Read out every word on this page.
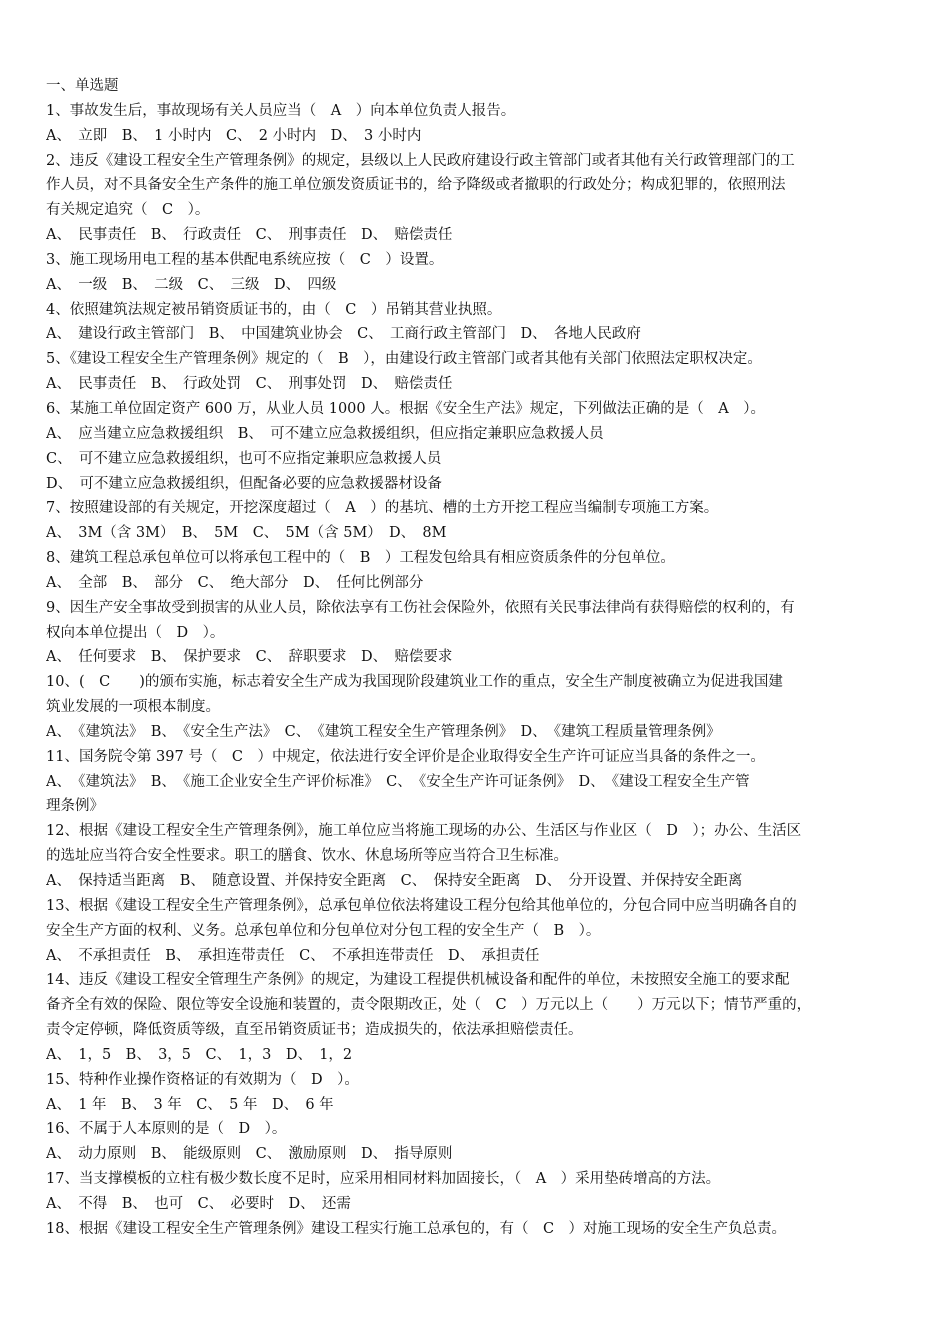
一、单选题
1、事故发生后，事故现场有关人员应当（　A　）向本单位负责人报告。
A、　立即　B、　1 小时内　C、　2 小时内　D、　3 小时内
2、违反《建设工程安全生产管理条例》的规定，县级以上人民政府建设行政主管部门或者其他有关行政管理部门的工
作人员，对不具备安全生产条件的施工单位颁发资质证书的，给予降级或者撤职的行政处分；构成犯罪的，依照刑法
有关规定追究（　C　）。
A、　民事责任　B、　行政责任　C、　刑事责任　D、　赔偿责任
3、施工现场用电工程的基本供配电系统应按（　C　）设置。
A、　一级　B、　二级　C、　三级　D、　四级
4、依照建筑法规定被吊销资质证书的，由（　C　）吊销其营业执照。
A、　建设行政主管部门　B、　中国建筑业协会　C、　工商行政主管部门　D、　各地人民政府
5、《建设工程安全生产管理条例》规定的（　B　），由建设行政主管部门或者其他有关部门依照法定职权决定。
A、　民事责任　B、　行政处罚　C、　刑事处罚　D、　赔偿责任
6、某施工单位固定资产 600 万，从业人员 1000 人。根据《安全生产法》规定，下列做法正确的是（　A　）。
A、　应当建立应急救援组织　B、　可不建立应急救援组织，但应指定兼职应急救援人员
C、　可不建立应急救援组织，也可不应指定兼职应急救援人员
D、　可不建立应急救援组织，但配备必要的应急救援器材设备
7、按照建设部的有关规定，开挖深度超过（　A　）的基坑、槽的土方开挖工程应当编制专项施工方案。
A、　3M（含 3M）　B、　5M　C、　5M（含 5M）　D、　8M
8、建筑工程总承包单位可以将承包工程中的（　B　）工程发包给具有相应资质条件的分包单位。
A、　全部　B、　部分　C、　绝大部分　D、　任何比例部分
9、因生产安全事故受到损害的从业人员，除依法享有工伤社会保险外，依照有关民事法律尚有获得赔偿的权利的，有
权向本单位提出（　D　）。
A、　任何要求　B、　保护要求　C、　辞职要求　D、　赔偿要求
10、(　C　　)的颁布实施，标志着安全生产成为我国现阶段建筑业工作的重点，安全生产制度被确立为促进我国建
筑业发展的一项根本制度。
A、　《建筑法》　B、　《安全生产法》　C、　《建筑工程安全生产管理条例》　D、　《建筑工程质量管理条例》
11、国务院令第 397 号（　C　）中规定，依法进行安全评价是企业取得安全生产许可证应当具备的条件之一。
A、　《建筑法》　B、　《施工企业安全生产评价标准》　C、　《安全生产许可证条例》　D、　《建设工程安全生产管
理条例》
12、根据《建设工程安全生产管理条例》，施工单位应当将施工现场的办公、生活区与作业区（　D　）；办公、生活区
的选址应当符合安全性要求。职工的膳食、饮水、休息场所等应当符合卫生标准。
A、　保持适当距离　B、　随意设置、并保持安全距离　C、　保持安全距离　D、　分开设置、并保持安全距离
13、根据《建设工程安全生产管理条例》，总承包单位依法将建设工程分包给其他单位的，分包合同中应当明确各自的
安全生产方面的权利、义务。总承包单位和分包单位对分包工程的安全生产（　B　）。
A、　不承担责任　B、　承担连带责任　C、　不承担连带责任　D、　承担责任
14、违反《建设工程安全管理生产条例》的规定，为建设工程提供机械设备和配件的单位，未按照安全施工的要求配
备齐全有效的保险、限位等安全设施和装置的，责令限期改正，处（　C　）万元以上（　　）万元以下；情节严重的，
责令定停顿，降低资质等级，直至吊销资质证书；造成损失的，依法承担赔偿责任。
A、　1，5　B、　3，5　C、　1，3　D、　1，2
15、特种作业操作资格证的有效期为（　D　）。
A、　1 年　B、　3 年　C、　5 年　D、　6 年
16、不属于人本原则的是（　D　）。
A、　动力原则　B、　能级原则　C、　激励原则　D、　指导原则
17、当支撑模板的立柱有极少数长度不足时，应采用相同材料加固接长，（　A　）采用垫砖增高的方法。
A、　不得　B、　也可　C、　必要时　D、　还需
18、根据《建设工程安全生产管理条例》建设工程实行施工总承包的，有（　C　）对施工现场的安全生产负总责。
